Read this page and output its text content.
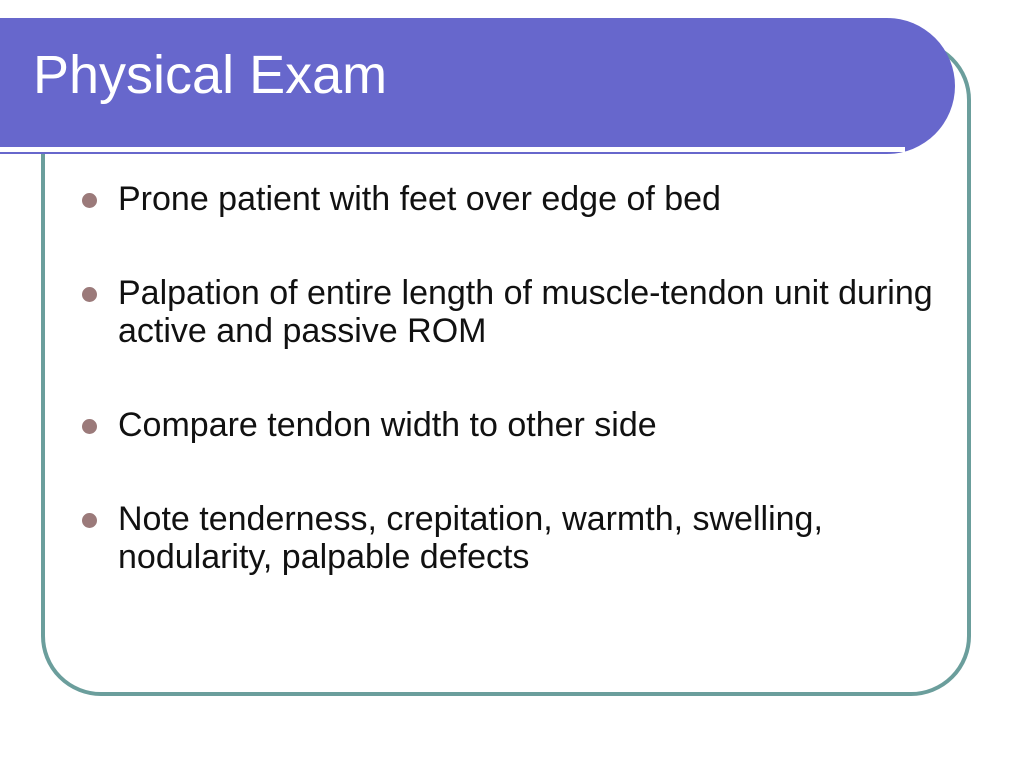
Physical Exam
Prone patient with feet over edge of bed
Palpation of entire length of muscle-tendon unit during active and passive ROM
Compare tendon width to other side
Note tenderness, crepitation, warmth, swelling, nodularity, palpable defects
